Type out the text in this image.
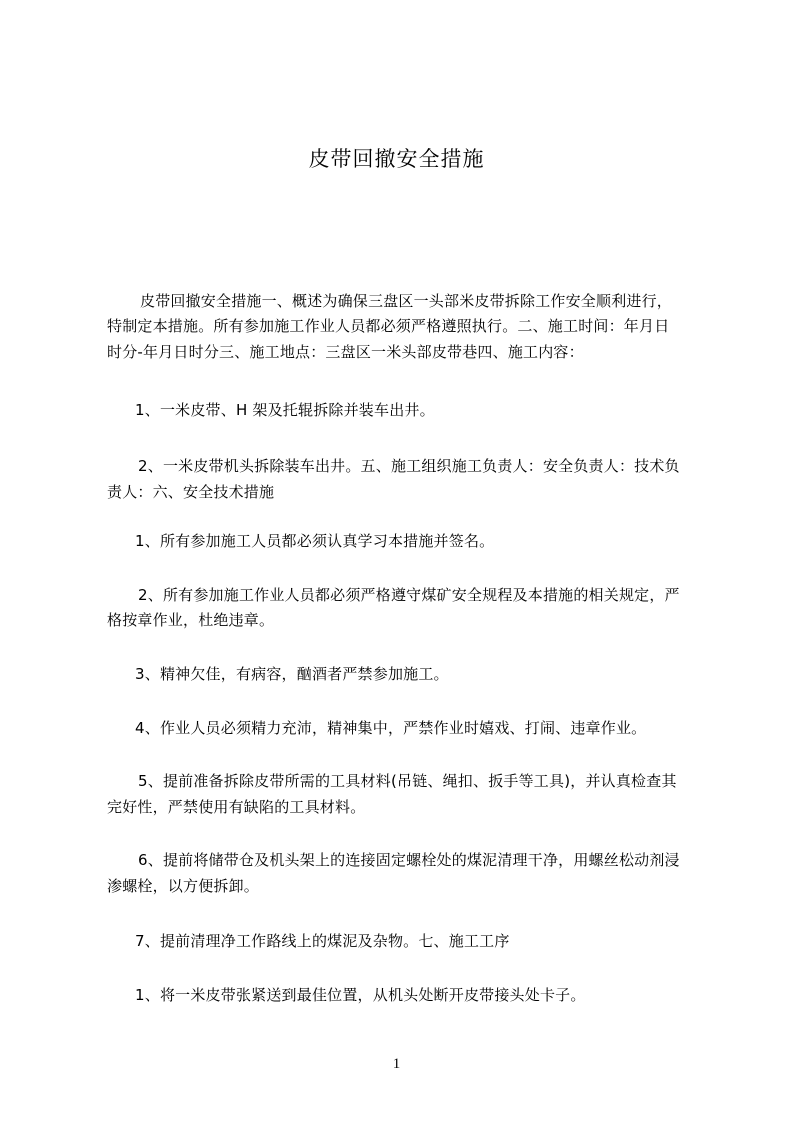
皮带回撤安全措施
皮带回撤安全措施一、概述为确保三盘区一头部米皮带拆除工作安全顺利进行，
特制定本措施。所有参加施工作业人员都必须严格遵照执行。二、施工时间：年月日
时分-年月日时分三、施工地点：三盘区一米头部皮带巷四、施工内容：
1、一米皮带、H 架及托辊拆除并装车出井。
2、一米皮带机头拆除装车出井。五、施工组织施工负责人：安全负责人：技术负
责人：六、安全技术措施
1、所有参加施工人员都必须认真学习本措施并签名。
2、所有参加施工作业人员都必须严格遵守煤矿安全规程及本措施的相关规定，严
格按章作业，杜绝违章。
3、精神欠佳，有病容，酗酒者严禁参加施工。
4、作业人员必须精力充沛，精神集中，严禁作业时嬉戏、打闹、违章作业。
5、提前准备拆除皮带所需的工具材料(吊链、绳扣、扳手等工具)，并认真检查其
完好性，严禁使用有缺陷的工具材料。
6、提前将储带仓及机头架上的连接固定螺栓处的煤泥清理干净，用螺丝松动剂浸
渗螺栓，以方便拆卸。
7、提前清理净工作路线上的煤泥及杂物。七、施工工序
1、将一米皮带张紧送到最佳位置，从机头处断开皮带接头处卡子。
1
